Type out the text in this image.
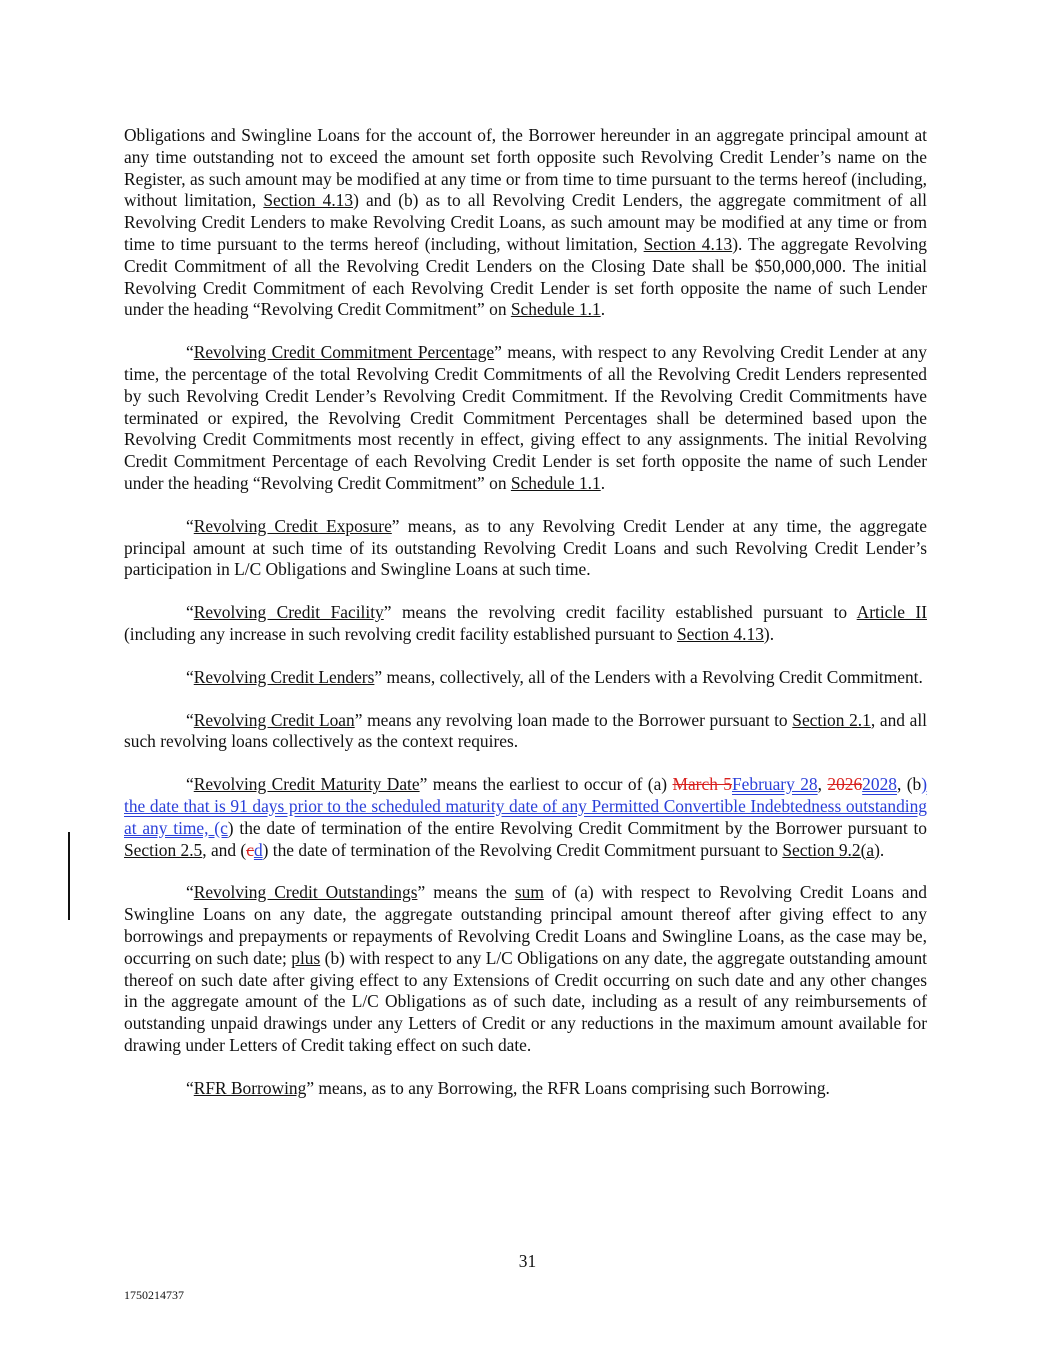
Obligations and Swingline Loans for the account of, the Borrower hereunder in an aggregate principal amount at any time outstanding not to exceed the amount set forth opposite such Revolving Credit Lender’s name on the Register, as such amount may be modified at any time or from time to time pursuant to the terms hereof (including, without limitation, Section 4.13) and (b) as to all Revolving Credit Lenders, the aggregate commitment of all Revolving Credit Lenders to make Revolving Credit Loans, as such amount may be modified at any time or from time to time pursuant to the terms hereof (including, without limitation, Section 4.13). The aggregate Revolving Credit Commitment of all the Revolving Credit Lenders on the Closing Date shall be $50,000,000. The initial Revolving Credit Commitment of each Revolving Credit Lender is set forth opposite the name of such Lender under the heading “Revolving Credit Commitment” on Schedule 1.1.

“Revolving Credit Commitment Percentage” means, with respect to any Revolving Credit Lender at any time, the percentage of the total Revolving Credit Commitments of all the Revolving Credit Lenders represented by such Revolving Credit Lender’s Revolving Credit Commitment. If the Revolving Credit Commitments have terminated or expired, the Revolving Credit Commitment Percentages shall be determined based upon the Revolving Credit Commitments most recently in effect, giving effect to any assignments. The initial Revolving Credit Commitment Percentage of each Revolving Credit Lender is set forth opposite the name of such Lender under the heading “Revolving Credit Commitment” on Schedule 1.1.

“Revolving Credit Exposure” means, as to any Revolving Credit Lender at any time, the aggregate principal amount at such time of its outstanding Revolving Credit Loans and such Revolving Credit Lender’s participation in L/C Obligations and Swingline Loans at such time.

“Revolving Credit Facility” means the revolving credit facility established pursuant to Article II (including any increase in such revolving credit facility established pursuant to Section 4.13).

“Revolving Credit Lenders” means, collectively, all of the Lenders with a Revolving Credit Commitment.

“Revolving Credit Loan” means any revolving loan made to the Borrower pursuant to Section 2.1, and all such revolving loans collectively as the context requires.

“Revolving Credit Maturity Date” means the earliest to occur of (a) March 5February 28, 20262028, (b) the date that is 91 days prior to the scheduled maturity date of any Permitted Convertible Indebtedness outstanding at any time, (c) the date of termination of the entire Revolving Credit Commitment by the Borrower pursuant to Section 2.5, and (cd) the date of termination of the Revolving Credit Commitment pursuant to Section 9.2(a).

“Revolving Credit Outstandings” means the sum of (a) with respect to Revolving Credit Loans and Swingline Loans on any date, the aggregate outstanding principal amount thereof after giving effect to any borrowings and prepayments or repayments of Revolving Credit Loans and Swingline Loans, as the case may be, occurring on such date; plus (b) with respect to any L/C Obligations on any date, the aggregate outstanding amount thereof on such date after giving effect to any Extensions of Credit occurring on such date and any other changes in the aggregate amount of the L/C Obligations as of such date, including as a result of any reimbursements of outstanding unpaid drawings under any Letters of Credit or any reductions in the maximum amount available for drawing under Letters of Credit taking effect on such date.

“RFR Borrowing” means, as to any Borrowing, the RFR Loans comprising such Borrowing.

31
1750214737
